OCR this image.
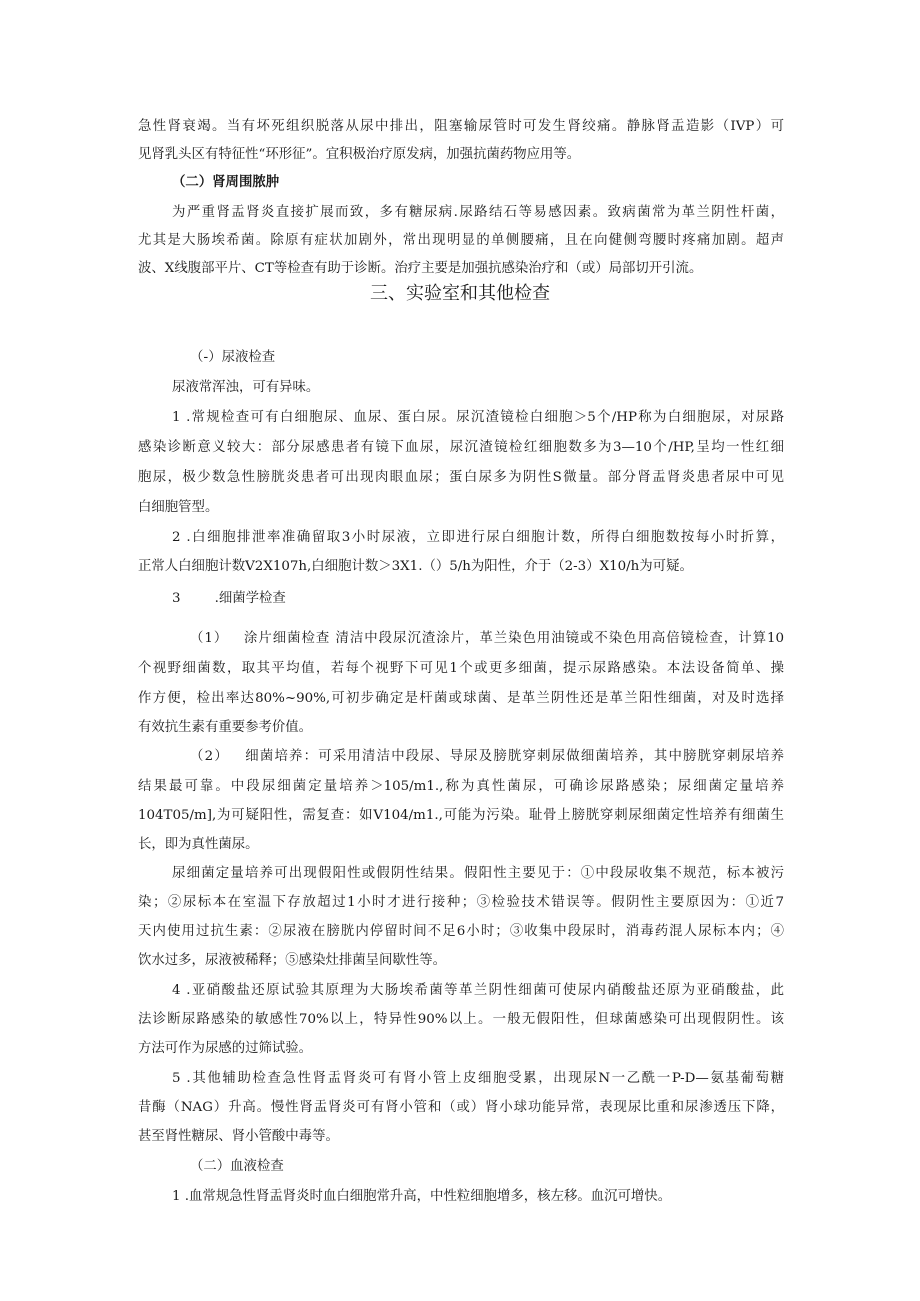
急性肾衰竭。当有坏死组织脱落从尿中排出，阻塞输尿管时可发生肾绞痛。静脉肾盂造影（IVP）可
见肾乳头区有特征性“环形征”。宜积极治疗原发病，加强抗菌药物应用等。
（二）肾周围脓肿
为严重肾盂肾炎直接扩展而致，多有糖尿病.尿路结石等易感因素。致病菌常为革兰阴性杆菌，
尤其是大肠埃希菌。除原有症状加剧外，常出现明显的单侧腰痛，且在向健侧弯腰时疼痛加剧。超声
波、X线腹部平片、CT等检查有助于诊断。治疗主要是加强抗感染治疗和（或）局部切开引流。
三、实验室和其他检查
（-）尿液检查
尿液常浑浊，可有异味。
1 .常规检查可有白细胞尿、血尿、蛋白尿。尿沉渣镜检白细胞＞5个/HP称为白细胞尿，对尿路
感染诊断意义较大：部分尿感患者有镜下血尿，尿沉渣镜检红细胞数多为3—10个/HP,呈均一性红细
胞尿，极少数急性膀胱炎患者可出现肉眼血尿；蛋白尿多为阴性S微量。部分肾盂肾炎患者尿中可见
白细胞管型。
2 .白细胞排泄率准确留取3小时尿液，立即进行尿白细胞计数，所得白细胞数按每小时折算，
正常人白细胞计数V2X107h,白细胞计数＞3X1.（）5/h为阳性，介于（2-3）X10/h为可疑。
3        .细菌学检查
（1）   涂片细菌检查 清洁中段尿沉渣涂片，革兰染色用油镜或不染色用高倍镜检查，计算10
个视野细菌数，取其平均值，若每个视野下可见1个或更多细菌，提示尿路感染。本法设备简单、操
作方便，检出率达80%~90%,可初步确定是杆菌或球菌、是革兰阴性还是革兰阳性细菌，对及时选择
有效抗生素有重要参考价值。
（2）   细菌培养：可采用清洁中段尿、导尿及膀胱穿刺尿做细菌培养，其中膀胱穿刺尿培养
结果最可靠。中段尿细菌定量培养＞105/m1.,称为真性菌尿，可确诊尿路感染；尿细菌定量培养
104T05/m],为可疑阳性，需复查：如V104/m1.,可能为污染。耻骨上膀胱穿刺尿细菌定性培养有细菌生
长，即为真性菌尿。
尿细菌定量培养可出现假阳性或假阴性结果。假阳性主要见于：①中段尿收集不规范，标本被污
染；②尿标本在室温下存放超过1小时才进行接种；③检验技术错误等。假阴性主要原因为：①近7
天内使用过抗生素：②尿液在膀胱内停留时间不足6小时；③收集中段尿时，消毒药混人尿标本内；④
饮水过多，尿液被稀释；⑤感染灶排菌呈间歇性等。
4 .亚硝酸盐还原试验其原理为大肠埃希菌等革兰阴性细菌可使尿内硝酸盐还原为亚硝酸盐，此
法诊断尿路感染的敏感性70%以上，特异性90%以上。一般无假阳性，但球菌感染可出现假阴性。该
方法可作为尿感的过筛试验。
5 .其他辅助检查急性肾盂肾炎可有肾小管上皮细胞受累，出现尿N一乙酰一P-D—氨基葡萄糖
昔酶（NAG）升高。慢性肾盂肾炎可有肾小管和（或）肾小球功能异常，表现尿比重和尿渗透压下降，
甚至肾性糖尿、肾小管酸中毒等。
（二）血液检查
1 .血常规急性肾盂肾炎时血白细胞常升高，中性粒细胞增多，核左移。血沉可增快。
